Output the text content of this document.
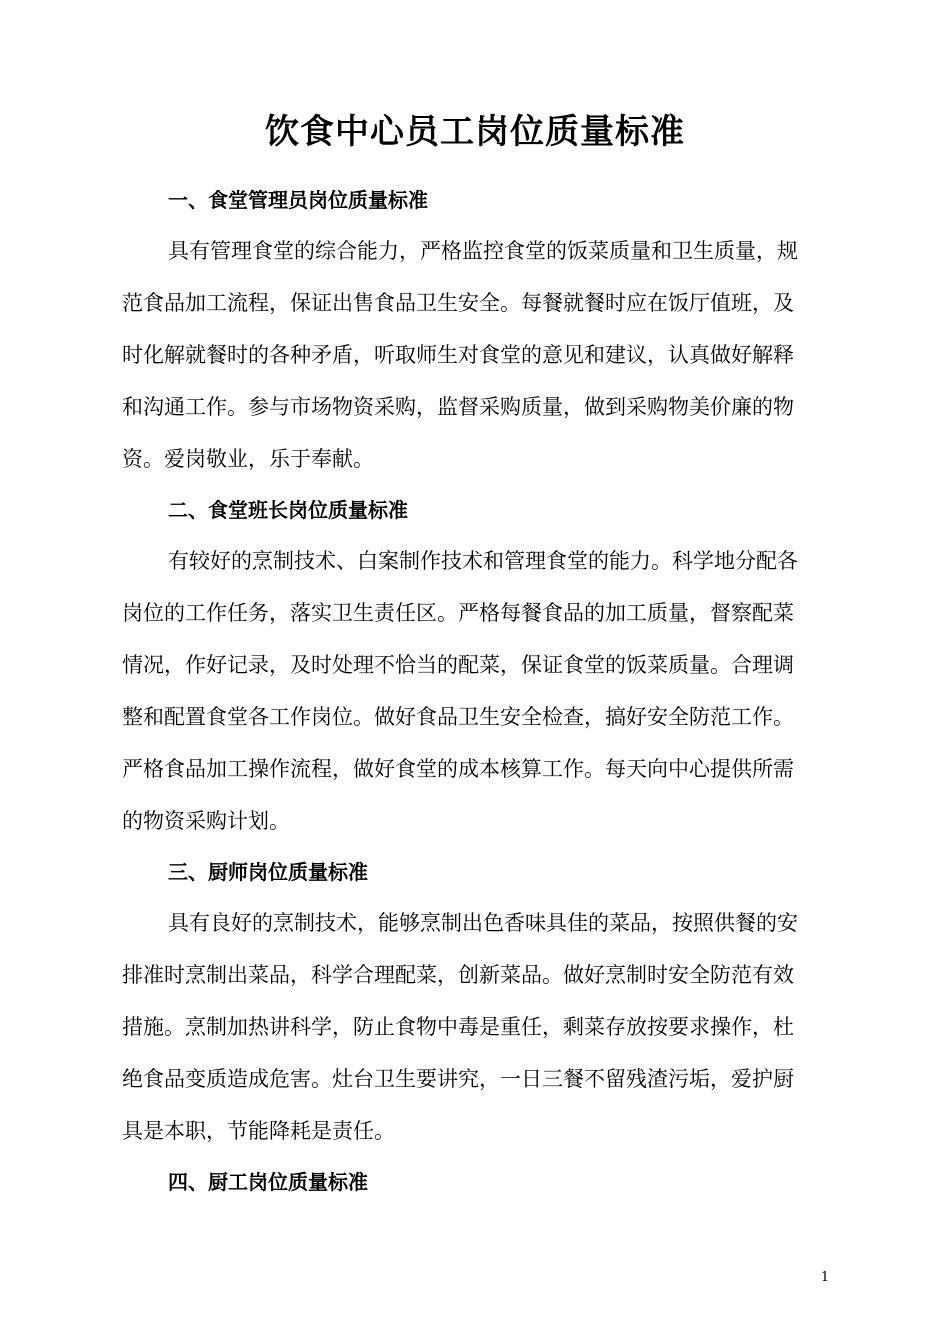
饮食中心员工岗位质量标准
一、食堂管理员岗位质量标准

具有管理食堂的综合能力，严格监控食堂的饭菜质量和卫生质量，规
范食品加工流程，保证出售食品卫生安全。每餐就餐时应在饭厅值班，及
时化解就餐时的各种矛盾，听取师生对食堂的意见和建议，认真做好解释
和沟通工作。参与市场物资采购，监督采购质量，做到采购物美价廉的物
资。爱岗敬业，乐于奉献。

二、食堂班长岗位质量标准

有较好的烹制技术、白案制作技术和管理食堂的能力。科学地分配各
岗位的工作任务，落实卫生责任区。严格每餐食品的加工质量，督察配菜
情况，作好记录，及时处理不恰当的配菜，保证食堂的饭菜质量。合理调
整和配置食堂各工作岗位。做好食品卫生安全检查，搞好安全防范工作。
严格食品加工操作流程，做好食堂的成本核算工作。每天向中心提供所需
的物资采购计划。

三、厨师岗位质量标准

具有良好的烹制技术，能够烹制出色香味具佳的菜品，按照供餐的安
排准时烹制出菜品，科学合理配菜，创新菜品。做好烹制时安全防范有效
措施。烹制加热讲科学，防止食物中毒是重任，剩菜存放按要求操作，杜
绝食品变质造成危害。灶台卫生要讲究，一日三餐不留残渣污垢，爱护厨
具是本职，节能降耗是责任。

四、厨工岗位质量标准
1
